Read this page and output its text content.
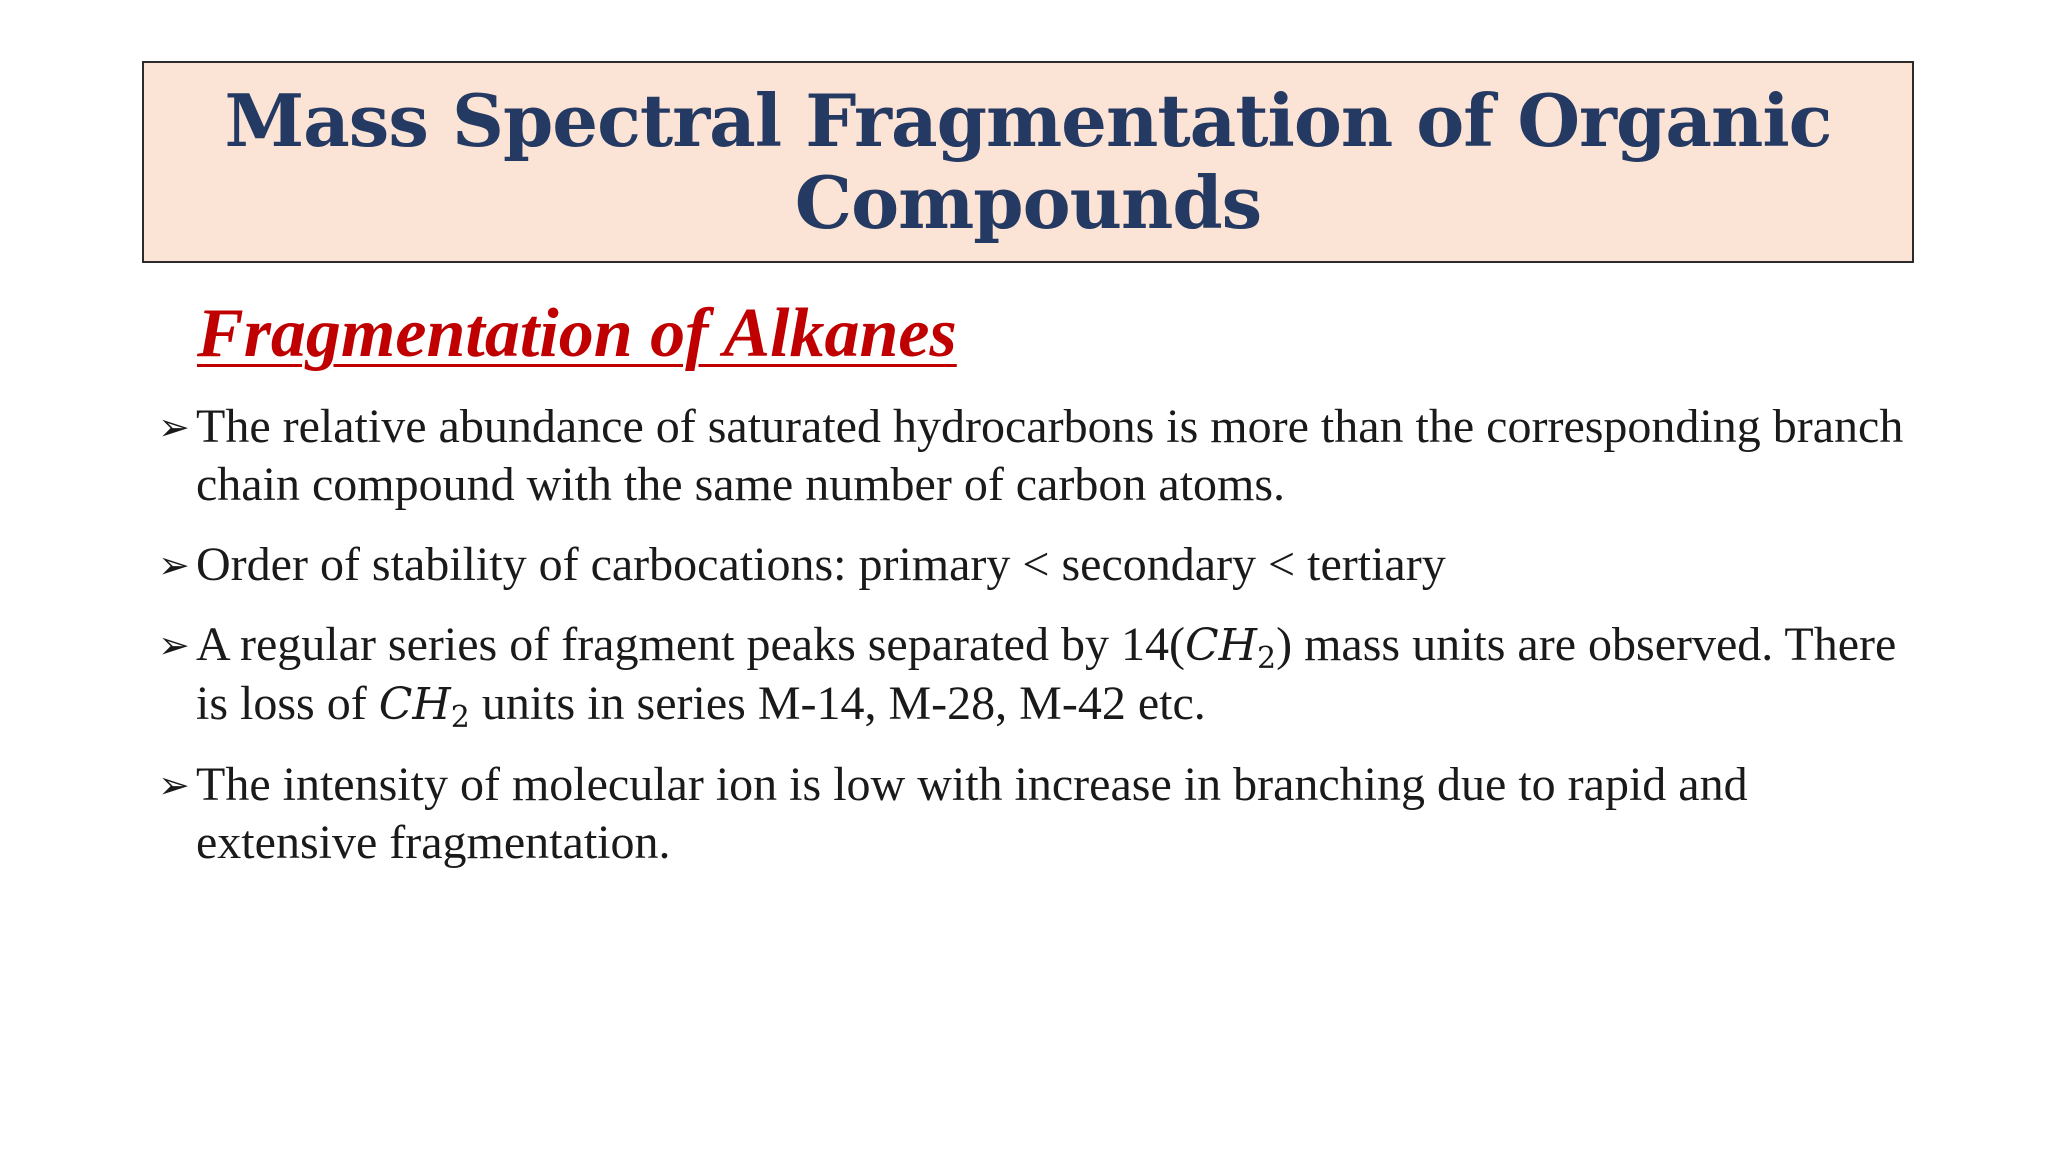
Mass Spectral Fragmentation of Organic Compounds
Fragmentation of Alkanes
➢ The relative abundance of saturated hydrocarbons is more than the corresponding branch chain compound with the same number of carbon atoms.
➢ Order of stability of carbocations: primary < secondary < tertiary
➢ A regular series of fragment peaks separated by $14(CH_2)$ mass units are observed. There is loss of $CH_2$ units in series M-14, M-28, M-42 etc.
➢ The intensity of molecular ion is low with increase in branching due to rapid and extensive fragmentation.
